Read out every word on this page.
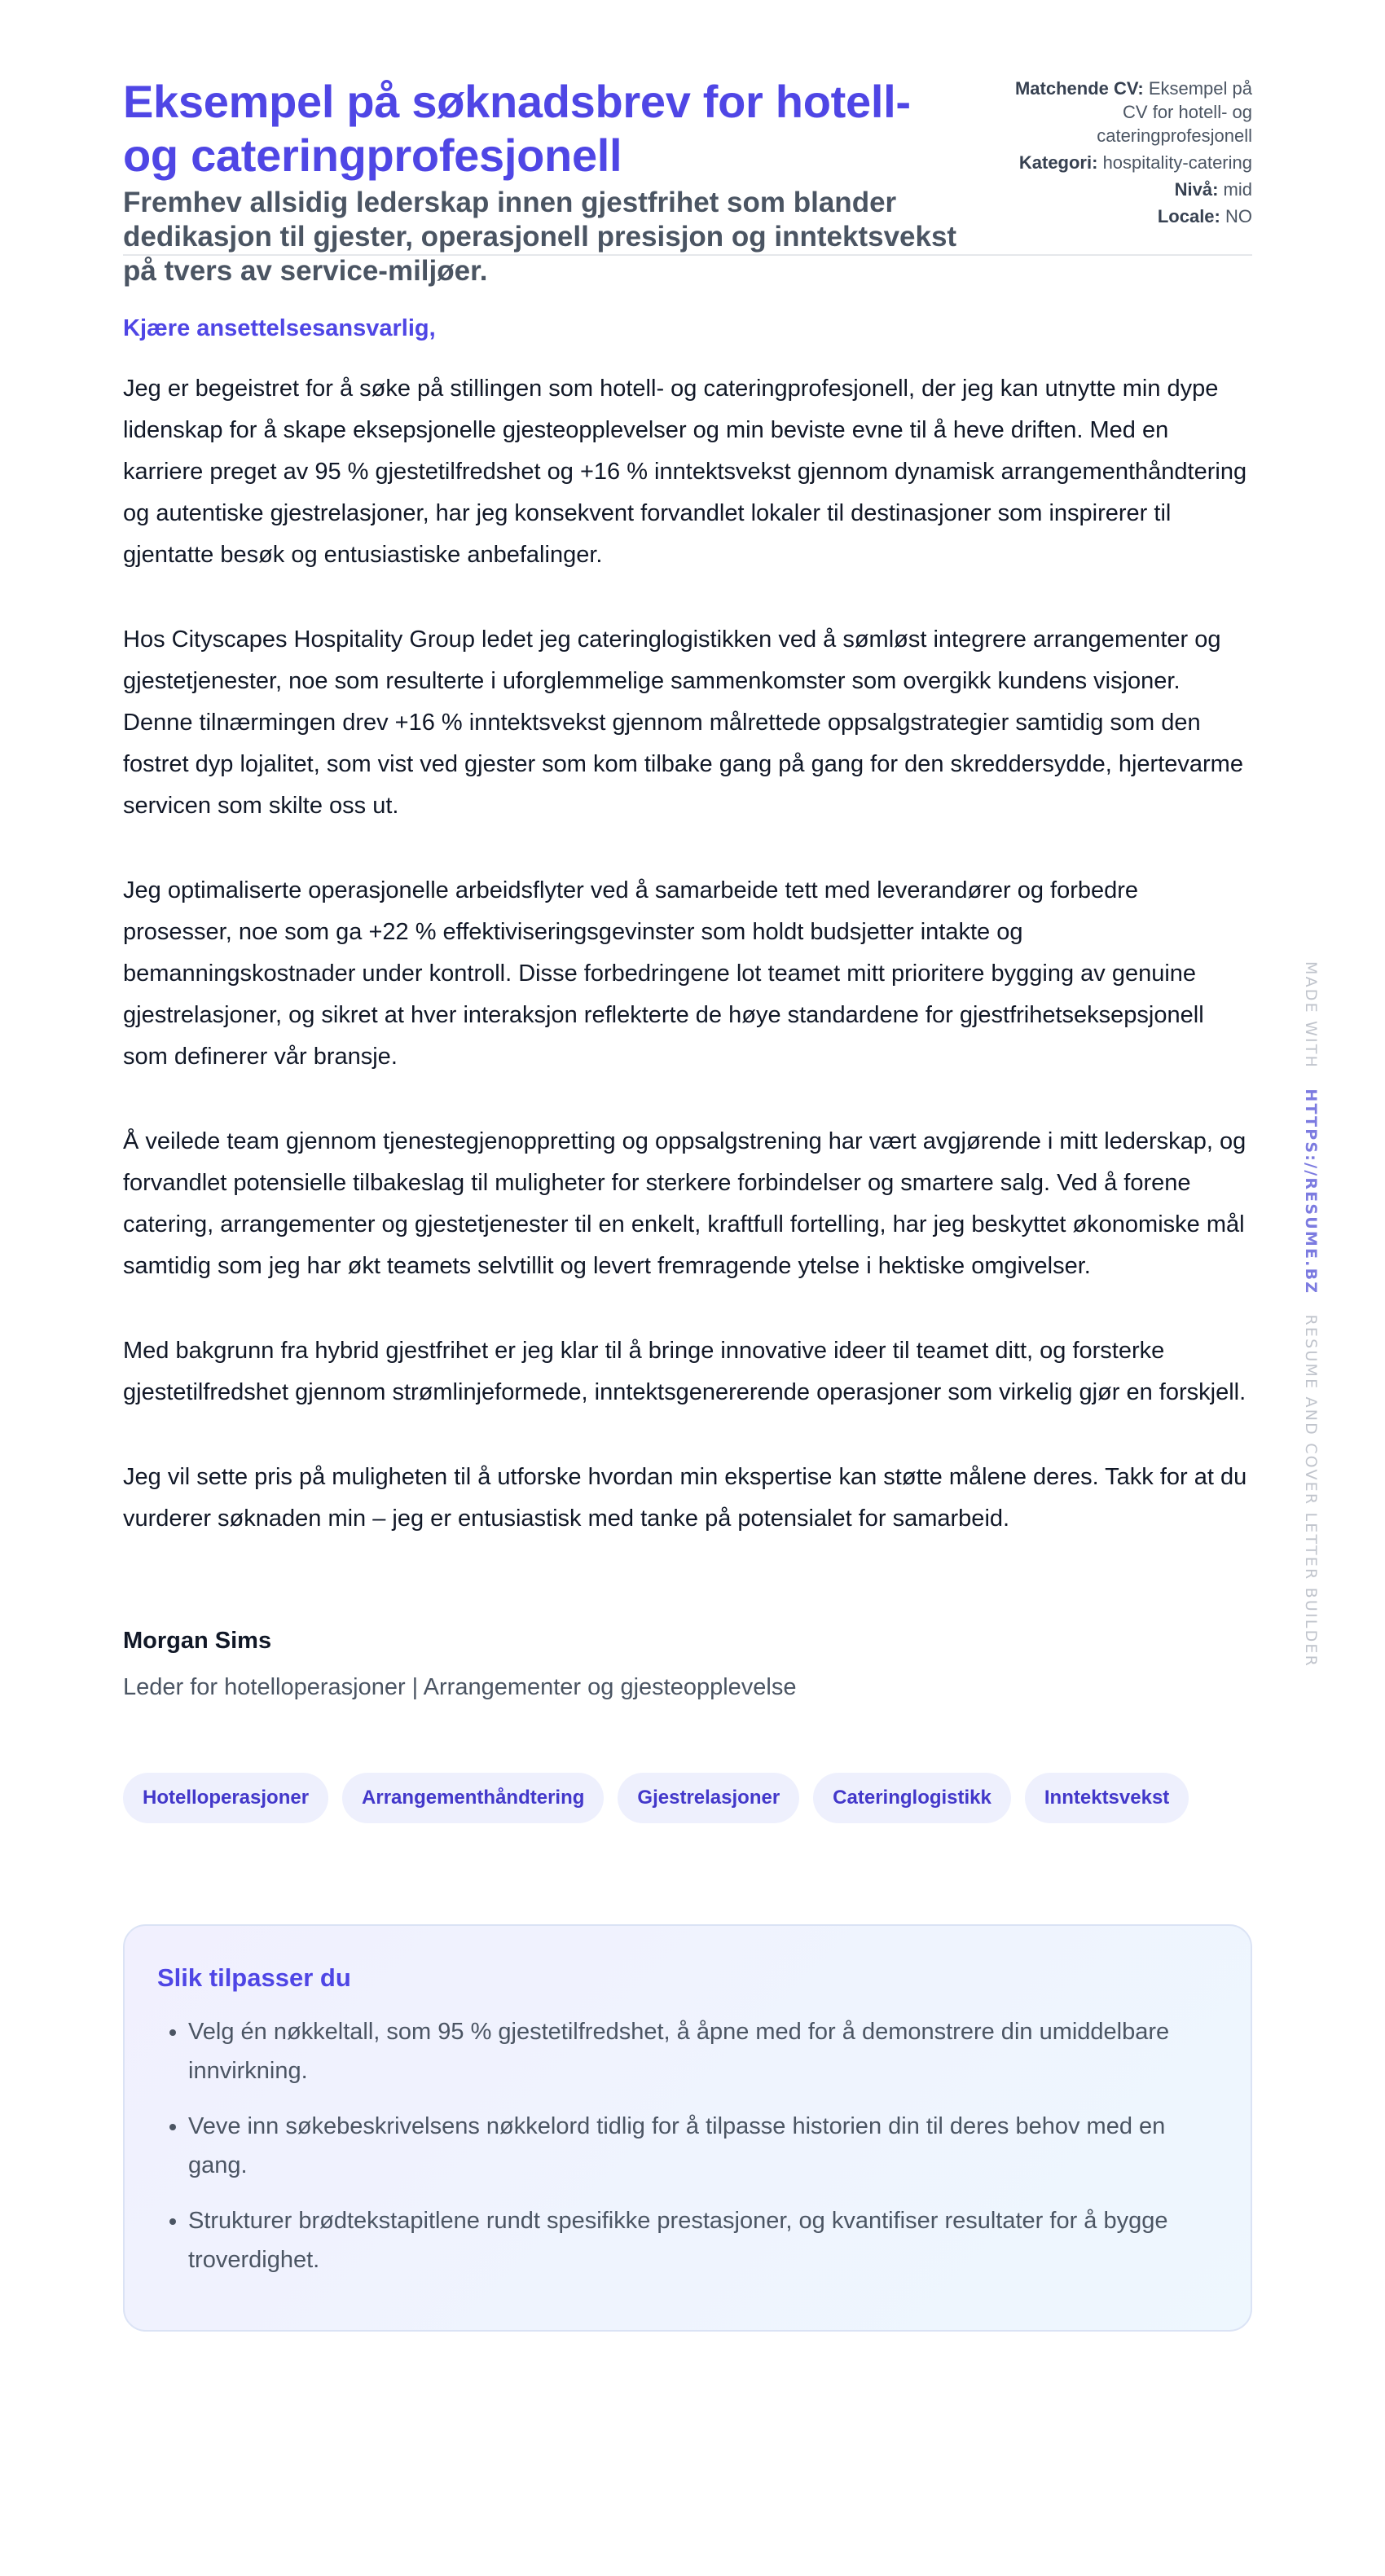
Eksempel på søknadsbrev for hotell- og cateringprofesjonell

Fremhev allsidig lederskap innen gjestfrihet som blander dedikasjon til gjester, operasjonell presisjon og inntektsvekst på tvers av service-miljøer.

Matchende CV: Eksempel på CV for hotell- og cateringprofesjonell
Kategori: hospitality-catering
Nivå: mid
Locale: NO

Kjære ansettelsesansvarlig,

Jeg er begeistret for å søke på stillingen som hotell- og cateringprofesjonell, der jeg kan utnytte min dype lidenskap for å skape eksepsjonelle gjesteopplevelser og min beviste evne til å heve driften. Med en karriere preget av 95 % gjestetilfredshet og +16 % inntektsvekst gjennom dynamisk arrangementhåndtering og autentiske gjestrelasjoner, har jeg konsekvent forvandlet lokaler til destinasjoner som inspirerer til gjentatte besøk og entusiastiske anbefalinger.

Hos Cityscapes Hospitality Group ledet jeg cateringlogistikken ved å sømløst integrere arrangementer og gjestetjenester, noe som resulterte i uforglemmelige sammenkomster som overgikk kundens visjoner. Denne tilnærmingen drev +16 % inntektsvekst gjennom målrettede oppsalgstrategier samtidig som den fostret dyp lojalitet, som vist ved gjester som kom tilbake gang på gang for den skreddersydde, hjertevarme servicen som skilte oss ut.

Jeg optimaliserte operasjonelle arbeidsflyter ved å samarbeide tett med leverandører og forbedre prosesser, noe som ga +22 % effektiviseringsgevinster som holdt budsjetter intakte og bemanningskostnader under kontroll. Disse forbedringene lot teamet mitt prioritere bygging av genuine gjestrelasjoner, og sikret at hver interaksjon reflekterte de høye standardene for gjestfrihetseksepsjonell som definerer vår bransje.

Å veilede team gjennom tjenestegjenoppretting og oppsalgstrening har vært avgjørende i mitt lederskap, og forvandlet potensielle tilbakeslag til muligheter for sterkere forbindelser og smartere salg. Ved å forene catering, arrangementer og gjestetjenester til en enkelt, kraftfull fortelling, har jeg beskyttet økonomiske mål samtidig som jeg har økt teamets selvtillit og levert fremragende ytelse i hektiske omgivelser.

Med bakgrunn fra hybrid gjestfrihet er jeg klar til å bringe innovative ideer til teamet ditt, og forsterke gjestetilfredshet gjennom strømlinjeformede, inntektsgenererende operasjoner som virkelig gjør en forskjell.

Jeg vil sette pris på muligheten til å utforske hvordan min ekspertise kan støtte målene deres. Takk for at du vurderer søknaden min – jeg er entusiastisk med tanke på potensialet for samarbeid.

Morgan Sims

Leder for hotelloperasjoner | Arrangementer og gjesteopplevelse

Hotelloperasjoner	Arrangementhåndtering	Gjestrelasjoner	Cateringlogistikk	Inntektsvekst
Slik tilpasser du
• Velg én nøkkeltall, som 95 % gjestetilfredshet, å åpne med for å demonstrere din umiddelbare innvirkning.
• Veve inn søkebeskrivelsens nøkkelord tidlig for å tilpasse historien din til deres behov med en gang.
• Strukturer brødtekstapitlene rundt spesifikke prestasjoner, og kvantifiser resultater for å bygge troverdighet.
MADE WITH HTTPS://RESUME.BZ RESUME AND COVER LETTER BUILDER
